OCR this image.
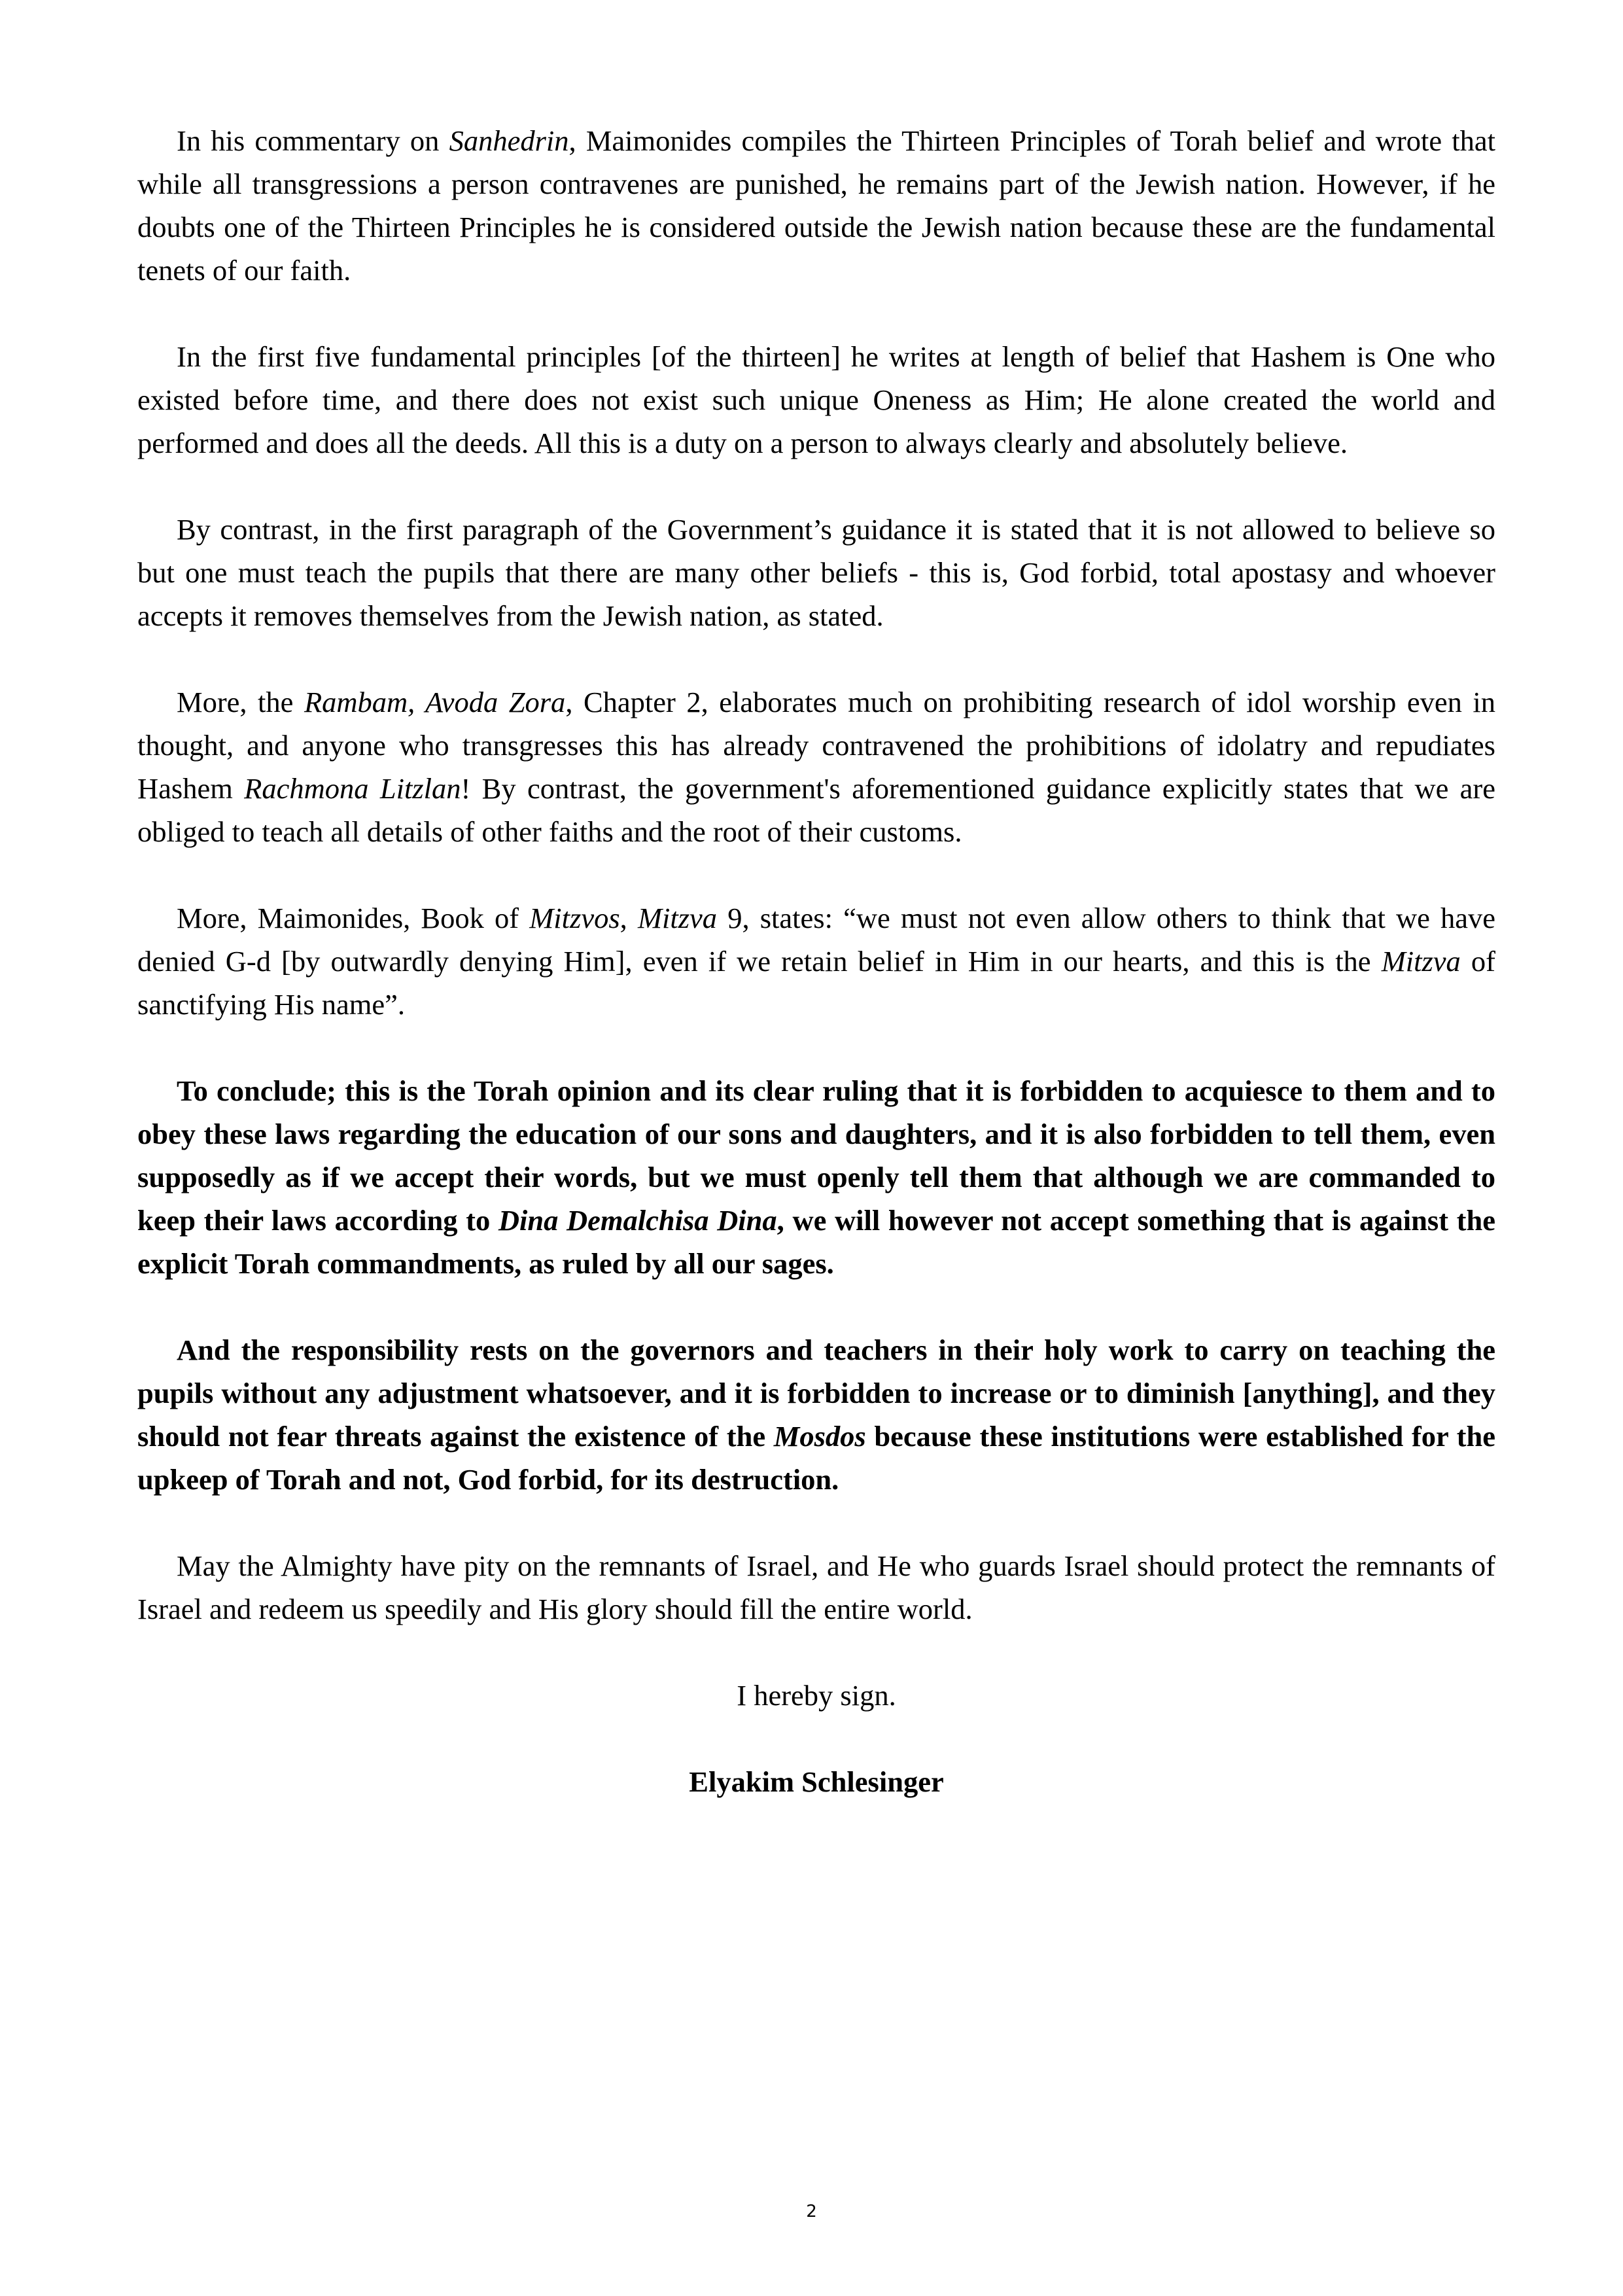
In his commentary on Sanhedrin, Maimonides compiles the Thirteen Principles of Torah belief and wrote that while all transgressions a person contravenes are punished, he remains part of the Jewish nation. However, if he doubts one of the Thirteen Principles he is considered outside the Jewish nation because these are the fundamental tenets of our faith.

In the first five fundamental principles [of the thirteen] he writes at length of belief that Hashem is One who existed before time, and there does not exist such unique Oneness as Him; He alone created the world and performed and does all the deeds. All this is a duty on a person to always clearly and absolutely believe.

By contrast, in the first paragraph of the Government’s guidance it is stated that it is not allowed to believe so but one must teach the pupils that there are many other beliefs - this is, God forbid, total apostasy and whoever accepts it removes themselves from the Jewish nation, as stated.

More, the Rambam, Avoda Zora, Chapter 2, elaborates much on prohibiting research of idol worship even in thought, and anyone who transgresses this has already contravened the prohibitions of idolatry and repudiates Hashem Rachmona Litzlan! By contrast, the government's aforementioned guidance explicitly states that we are obliged to teach all details of other faiths and the root of their customs.

More, Maimonides, Book of Mitzvos, Mitzva 9, states: “we must not even allow others to think that we have denied G-d [by outwardly denying Him], even if we retain belief in Him in our hearts, and this is the Mitzva of sanctifying His name”.

To conclude; this is the Torah opinion and its clear ruling that it is forbidden to acquiesce to them and to obey these laws regarding the education of our sons and daughters, and it is also forbidden to tell them, even supposedly as if we accept their words, but we must openly tell them that although we are commanded to keep their laws according to Dina Demalchisa Dina, we will however not accept something that is against the explicit Torah commandments, as ruled by all our sages.

And the responsibility rests on the governors and teachers in their holy work to carry on teaching the pupils without any adjustment whatsoever, and it is forbidden to increase or to diminish [anything], and they should not fear threats against the existence of the Mosdos because these institutions were established for the upkeep of Torah and not, God forbid, for its destruction.

May the Almighty have pity on the remnants of Israel, and He who guards Israel should protect the remnants of Israel and redeem us speedily and His glory should fill the entire world.

I hereby sign.

Elyakim Schlesinger

2
